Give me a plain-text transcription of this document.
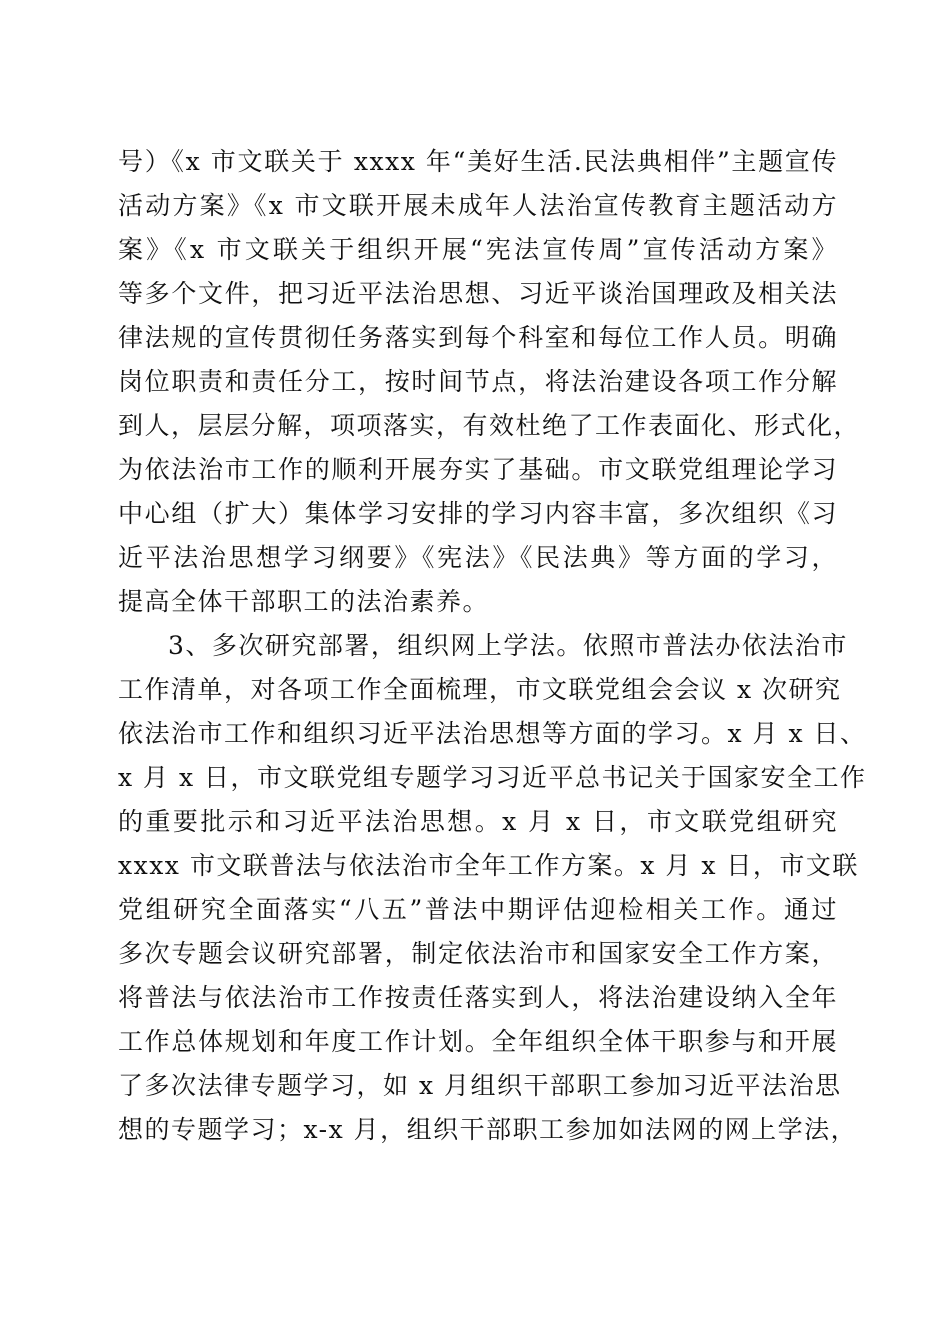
号）《x 市文联关于 xxxx 年“美好生活.民法典相伴”主题宣传
活动方案》《x 市文联开展未成年人法治宣传教育主题活动方
案》《x 市文联关于组织开展“宪法宣传周”宣传活动方案》
等多个文件，把习近平法治思想、习近平谈治国理政及相关法
律法规的宣传贯彻任务落实到每个科室和每位工作人员。明确
岗位职责和责任分工，按时间节点，将法治建设各项工作分解
到人，层层分解，项项落实，有效杜绝了工作表面化、形式化，
为依法治市工作的顺利开展夯实了基础。市文联党组理论学习
中心组（扩大）集体学习安排的学习内容丰富，多次组织《习
近平法治思想学习纲要》《宪法》《民法典》等方面的学习，
提高全体干部职工的法治素养。
3、多次研究部署，组织网上学法。依照市普法办依法治市
工作清单，对各项工作全面梳理，市文联党组会会议 x 次研究
依法治市工作和组织习近平法治思想等方面的学习。x 月 x 日、
x 月 x 日，市文联党组专题学习习近平总书记关于国家安全工作
的重要批示和习近平法治思想。x 月 x 日，市文联党组研究
xxxx 市文联普法与依法治市全年工作方案。x 月 x 日，市文联
党组研究全面落实“八五”普法中期评估迎检相关工作。通过
多次专题会议研究部署，制定依法治市和国家安全工作方案，
将普法与依法治市工作按责任落实到人，将法治建设纳入全年
工作总体规划和年度工作计划。全年组织全体干职参与和开展
了多次法律专题学习，如 x 月组织干部职工参加习近平法治思
想的专题学习；x-x 月，组织干部职工参加如法网的网上学法，
